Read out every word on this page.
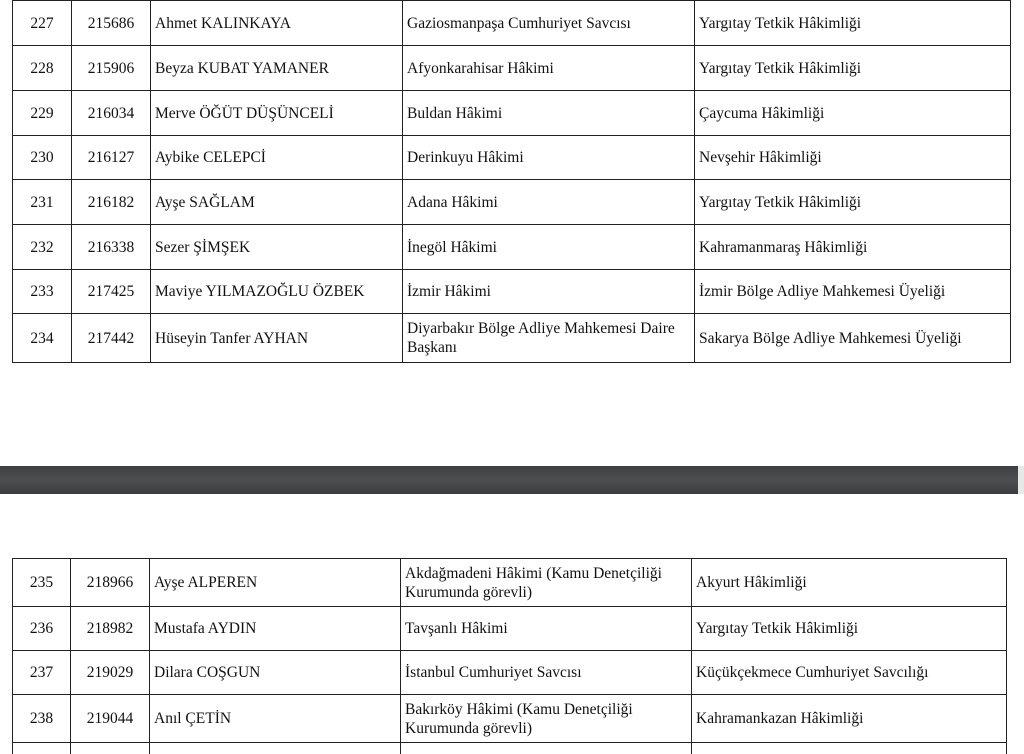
227	215686	Ahmet KALINKAYA	Gaziosmanpaşa Cumhuriyet Savcısı	Yargıtay Tetkik Hâkimliği
228	215906	Beyza KUBAT YAMANER	Afyonkarahisar Hâkimi	Yargıtay Tetkik Hâkimliği
229	216034	Merve ÖĞÜT DÜŞÜNCELİ	Buldan Hâkimi	Çaycuma Hâkimliği
230	216127	Aybike CELEPCİ	Derinkuyu Hâkimi	Nevşehir Hâkimliği
231	216182	Ayşe SAĞLAM	Adana Hâkimi	Yargıtay Tetkik Hâkimliği
232	216338	Sezer ŞİMŞEK	İnegöl Hâkimi	Kahramanmaraş Hâkimliği
233	217425	Maviye YILMAZOĞLU ÖZBEK	İzmir Hâkimi	İzmir Bölge Adliye Mahkemesi Üyeliği
234	217442	Hüseyin Tanfer AYHAN	Diyarbakır Bölge Adliye Mahkemesi Daire Başkanı	Sakarya Bölge Adliye Mahkemesi Üyeliği
235	218966	Ayşe ALPEREN	Akdağmadeni Hâkimi (Kamu Denetçiliği Kurumunda görevli)	Akyurt Hâkimliği
236	218982	Mustafa AYDIN	Tavşanlı Hâkimi	Yargıtay Tetkik Hâkimliği
237	219029	Dilara COŞGUN	İstanbul Cumhuriyet Savcısı	Küçükçekmece Cumhuriyet Savcılığı
238	219044	Anıl ÇETİN	Bakırköy Hâkimi (Kamu Denetçiliği Kurumunda görevli)	Kahramankazan Hâkimliği
